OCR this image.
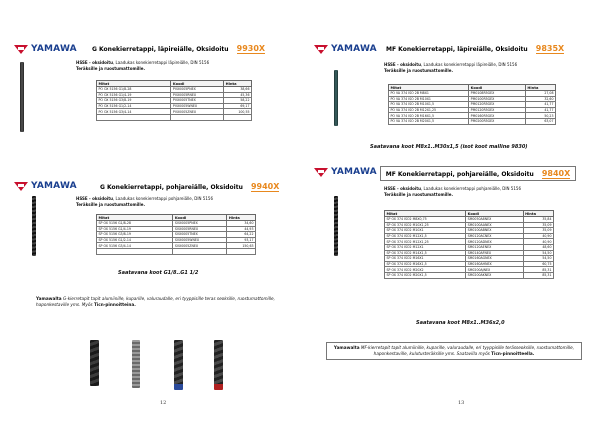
YAMAWA	G Konekierretappi, läpireiälle, Oksidoitu 9930X
HSSE - oksidoitu, Laadukas konekierretappi läpireiälle, DIN 5156
Teräksille ja ruostumattomille.
Mitat	Koodi	Hinta
PO OX 5156 G1/8-28	PVX0005PNEX	38,66
PO OX 5156 G1/4-19	PVX0005RNEX	45,36
PO OX 5156 G3/8-19	PVX0005TNEX	58,22
PO OX 5156 G1/2-14	PVX0005WNEX	69,17
PO OX 5156 G3/4-14	PVX0005ZNEX	100,55

YAMAWA	G Konekierretappi, pohjareiälle, Oksidoitu 9940X
HSSE - oksidoitu, Laadukas konekierretappi pohjareiälle, DIN 5156
Teräksille ja ruostumattomille.
Mitat	Koodi	Hinta
SP OX 5156 G1/8-28	SVX0005PNEX	34,60
SP OX 5156 G1/4-19	SVX0005RNEX	44,93
SP OX 5156 G3/8-19	SVX0005TNEX	64,22
SP OX 5156 G1/2-14	SVX0005WNEX	93,17
SP OX 5156 G3/4-14	SVX0005ZNEX	150,63

Saatavana koot G1/8..G1 1/2
Yamawalta G-kierretapit tapit alumiinille, kuparille, valuraudalle, eri tyyppisille teras seoksille, ruostumattomille, haponkestaville yms. Myös Ticn-pinnoitteina.
12
YAMAWA MF Konekierretappi, läpireiälle, Oksidoitu 9835X
HSSE - oksidoitu, Laadukas konekierretappi läpireiälle, DIN 5156
Teräksille ja ruostumattomille.
Mitat	Koodi	Hinta
PO VA 374 ISO 2B M8X1	PM0108R5GEX	27,08
PO VA 374 ISO 2B M10X1	PM0100R5GEX	32,60
PO VA 374 ISO 2B M10X1,5	PM0120R5GEX	41,77
PO VA 374 ISO 2B M12X1,25	PM0120R5GEX	41,77
PO VA 374 ISO 2B M16X1,5	PM0160R5GEX	50,23
PO VA 374 ISO 2B M20X1,5	PM0200R5GEX	63,07
Saatavana koot M8x1..M30x1,5 (isot koot malline 9830)
YAMAWA	MF Konekierretappi, pohjareiälle, Oksidoitu 9840X
HSSE - oksidoitu, Laadukas konekierretappi pohjareiälle, DIN 5156
Teräksille ja ruostumattomille.
Mitat	Koodi	Hinta
SP OX 374 ISO2 M8X0,75	SM0050A8NEX	35,84
SP OX 374 ISO2 M10X1,25	SM0100AANEX	35,09
SP OX 374 ISO2 M10X1	SM0100ABNEX	35,09
SP OX 374 ISO2 M12X1,5	SM0120ACNEX	40,90
SP OX 374 ISO2 M12X1,25	SM0120ADNEX	40,90
SP OX 374 ISO2 M12X1	SM0120AENEX	48,60
SP OX 374 ISO2 M14X1,5	SM0140AFNEX	54,50
SP OX 374 ISO2 M16X1	SM0160AGNEX	54,50
SP OX 374 ISO2 M16X1,5	SM0160AHNEX	60,75
SP OX 374 ISO2 M20X2	SM0200AJNEX	85,31
SP OX 374 ISO2 M20X1,5	SM0200AKNEX	85,31
Saatavana koot M8x1..M36x2,0
Yamawalta MF-kierretapit tapit alumiinille, kuparille, valuraudalle, eri tyyppisille terässeoksille, ruostumattomille, haponkestaville, kulutusteräksille yms. Saatavilla myös Ticn-pinnoitteella.
13
